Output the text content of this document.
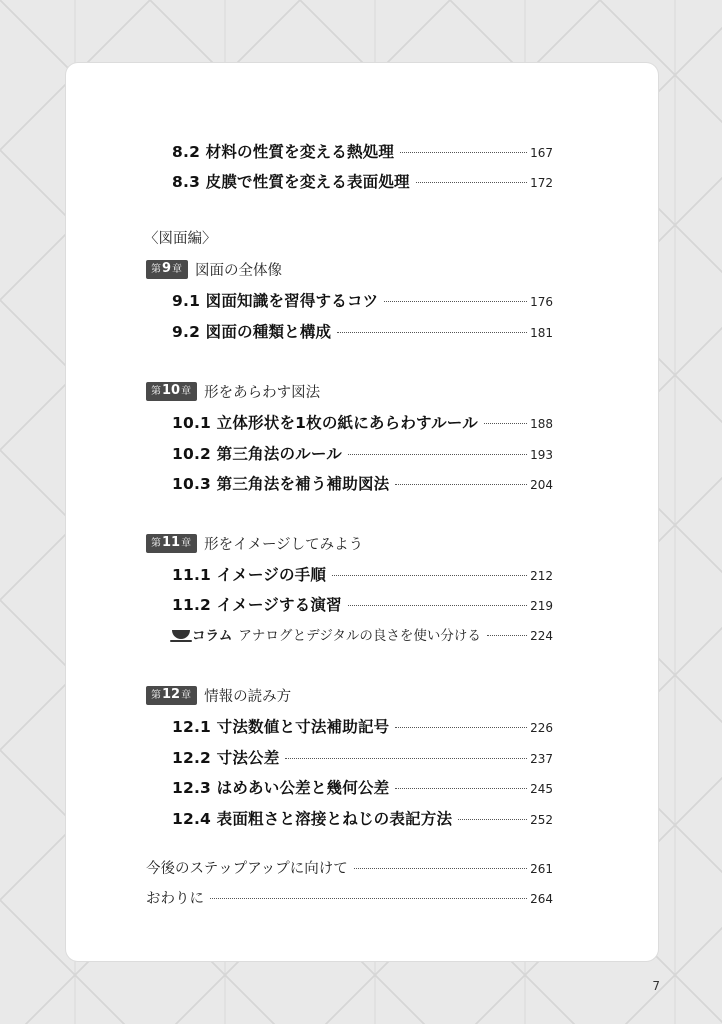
8.2 材料の性質を変える熱処理	167
8.3 皮膜で性質を変える表面処理	172
〈図面編〉
第 9 章 図面の全体像
9.1 図面知識を習得するコツ	176
9.2 図面の種類と構成	181
第 10 章 形をあらわす図法
10.1 立体形状を1枚の紙にあらわすルール	188
10.2 第三角法のルール	193
10.3 第三角法を補う補助図法	204
第 11 章 形をイメージしてみよう
11.1 イメージの手順	212
11.2 イメージする演習	219
コラム アナログとデジタルの良さを使い分ける	224
第 12 章 情報の読み方
12.1 寸法数値と寸法補助記号	226
12.2 寸法公差	237
12.3 はめあい公差と幾何公差	245
12.4 表面粗さと溶接とねじの表記方法	252
今後のステップアップに向けて	261
おわりに	264
7
